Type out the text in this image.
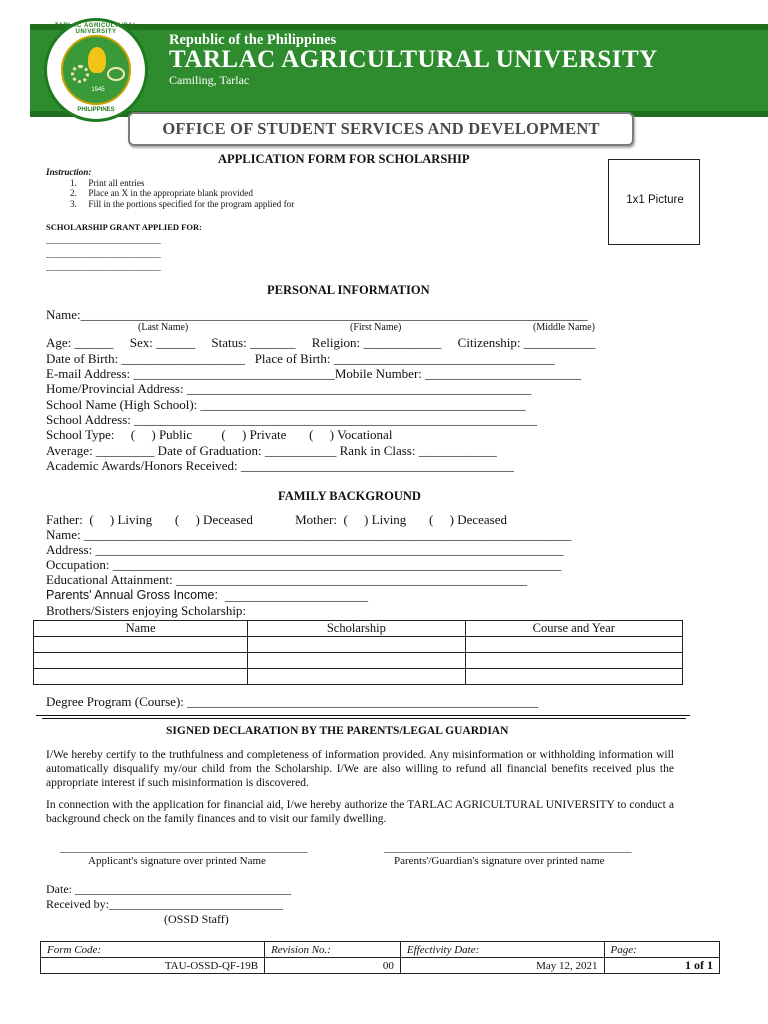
TARLAC AGRICULTURAL UNIVERSITY
1945
PHILIPPINES
Republic of the Philippines
TARLAC AGRICULTURAL UNIVERSITY
Camiling, Tarlac
OFFICE OF STUDENT SERVICES AND DEVELOPMENT
APPLICATION FORM FOR SCHOLARSHIP
Instruction:
1.     Print all entries
2.     Place an X in the appropriate blank provided
3.     Fill in the portions specified for the program applied for	1x1 Picture
SCHOLARSHIP GRANT APPLIED FOR:
_________________________
_________________________
_________________________
PERSONAL INFORMATION
Name:______________________________________________________________________________
(Last Name)	(First Name)	(Middle Name)
Age: ______     Sex: ______     Status: _______     Religion: ____________     Citizenship: ___________
Date of Birth: ___________________   Place of Birth: __________________________________
E-mail Address: _______________________________Mobile Number: ________________________
Home/Provincial Address: _____________________________________________________
School Name (High School): __________________________________________________
School Address: ______________________________________________________________
School Type:     (     ) Public         (     ) Private       (     ) Vocational
Average: _________ Date of Graduation: ___________ Rank in Class: ____________
Academic Awards/Honors Received: __________________________________________
FAMILY BACKGROUND
Father:  (     ) Living       (     ) Deceased             Mother:  (     ) Living       (     ) Deceased
Name: ___________________________________________________________________________
Address: ________________________________________________________________________
Occupation: _____________________________________________________________________
Educational Attainment: ______________________________________________________
Parents' Annual Gross Income: ______________________
Brothers/Sisters enjoying Scholarship:
Name	Scholarship	Course and Year

Degree Program (Course): ______________________________________________________
SIGNED DECLARATION BY THE PARENTS/LEGAL GUARDIAN
I/We hereby certify to the truthfulness and completeness of information provided. Any misinformation or withholding information will automatically disqualify my/our child from the Scholarship. I/We are also willing to refund all financial benefits received plus the appropriate interest if such misinformation is discovered.
In connection with the application for financial aid, I/we hereby authorize the TARLAC AGRICULTURAL UNIVERSITY to conduct a background check on the family finances and to visit our family dwelling.
_____________________________________________
Applicant's signature over printed Name
_____________________________________________
Parents'/Guardian's signature over printed name
Date: ____________________________________
Received by:_____________________________
(OSSD Staff)
Form Code:	Revision No.:	Effectivity Date:	Page:
TAU-OSSD-QF-19B	00	May 12, 2021	1 of 1
